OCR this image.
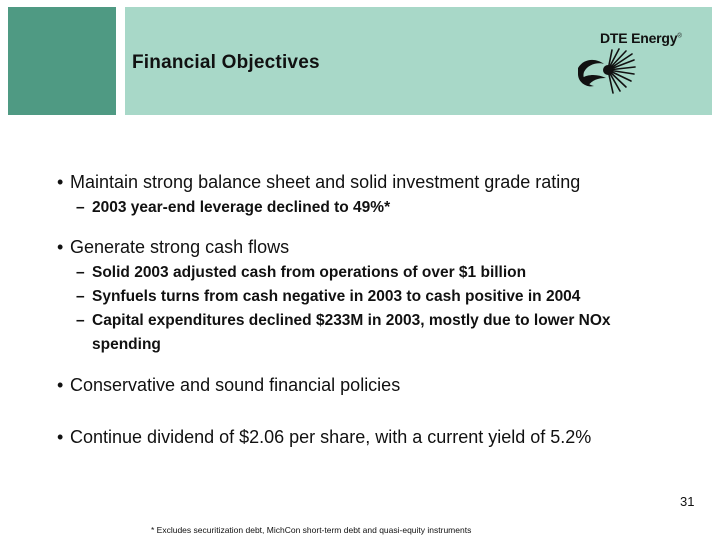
Financial Objectives
DTE Energy®
• Maintain strong balance sheet and solid investment grade rating
– 2003 year-end leverage declined to 49%*
• Generate strong cash flows
– Solid 2003 adjusted cash from operations of over $1 billion
– Synfuels turns from cash negative in 2003 to cash positive in 2004
– Capital expenditures declined $233M in 2003, mostly due to lower NOx
spending
• Conservative and sound financial policies
• Continue dividend of $2.06 per share, with a current yield of 5.2%
31
* Excludes securitization debt, MichCon short-term debt and quasi-equity instruments
